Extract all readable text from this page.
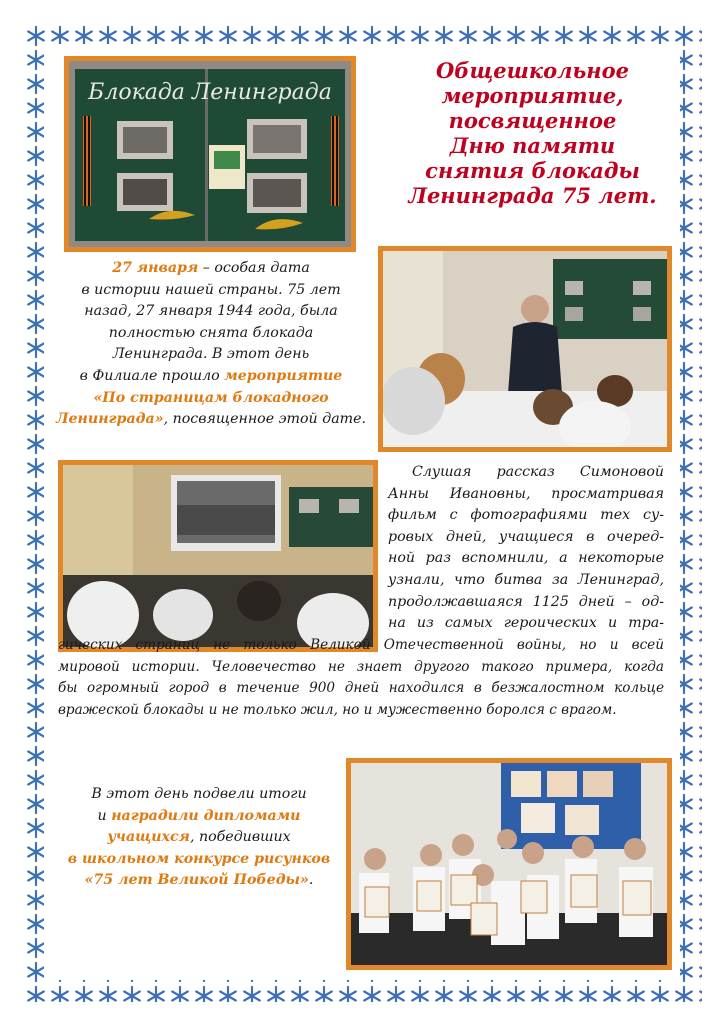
Блокада Ленинграда
Общешкольное
мероприятие,
посвященное
Дню памяти
снятия блокады
Ленинграда 75 лет.
27 января – особая дата
в истории нашей страны. 75 лет
назад, 27 января 1944 года, была
полностью снята блокада
Ленинграда. В этот день
в Филиале прошло мероприятие
«По страницам блокадного
Ленинграда», посвященное этой дате.
Слушая рассказ Симоновой
Анны Ивановны, просматривая
фильм с фотографиями тех су-
ровых дней, учащиеся в очеред-
ной раз вспомнили, а некоторые
узнали, что битва за Ленинград,
продолжавшаяся 1125 дней – од-
на из самых героических и тра-
гических страниц не только Великой Отечественной войны, но и всей
мировой истории. Человечество не знает другого такого примера, когда
бы огромный город в течение 900 дней находился в безжалостном кольце
вражеской блокады и не только жил, но и мужественно боролся с врагом.
В этот день подвели итоги
и наградили дипломами
учащихся, победивших
в школьном конкурсе рисунков
«75 лет Великой Победы».
